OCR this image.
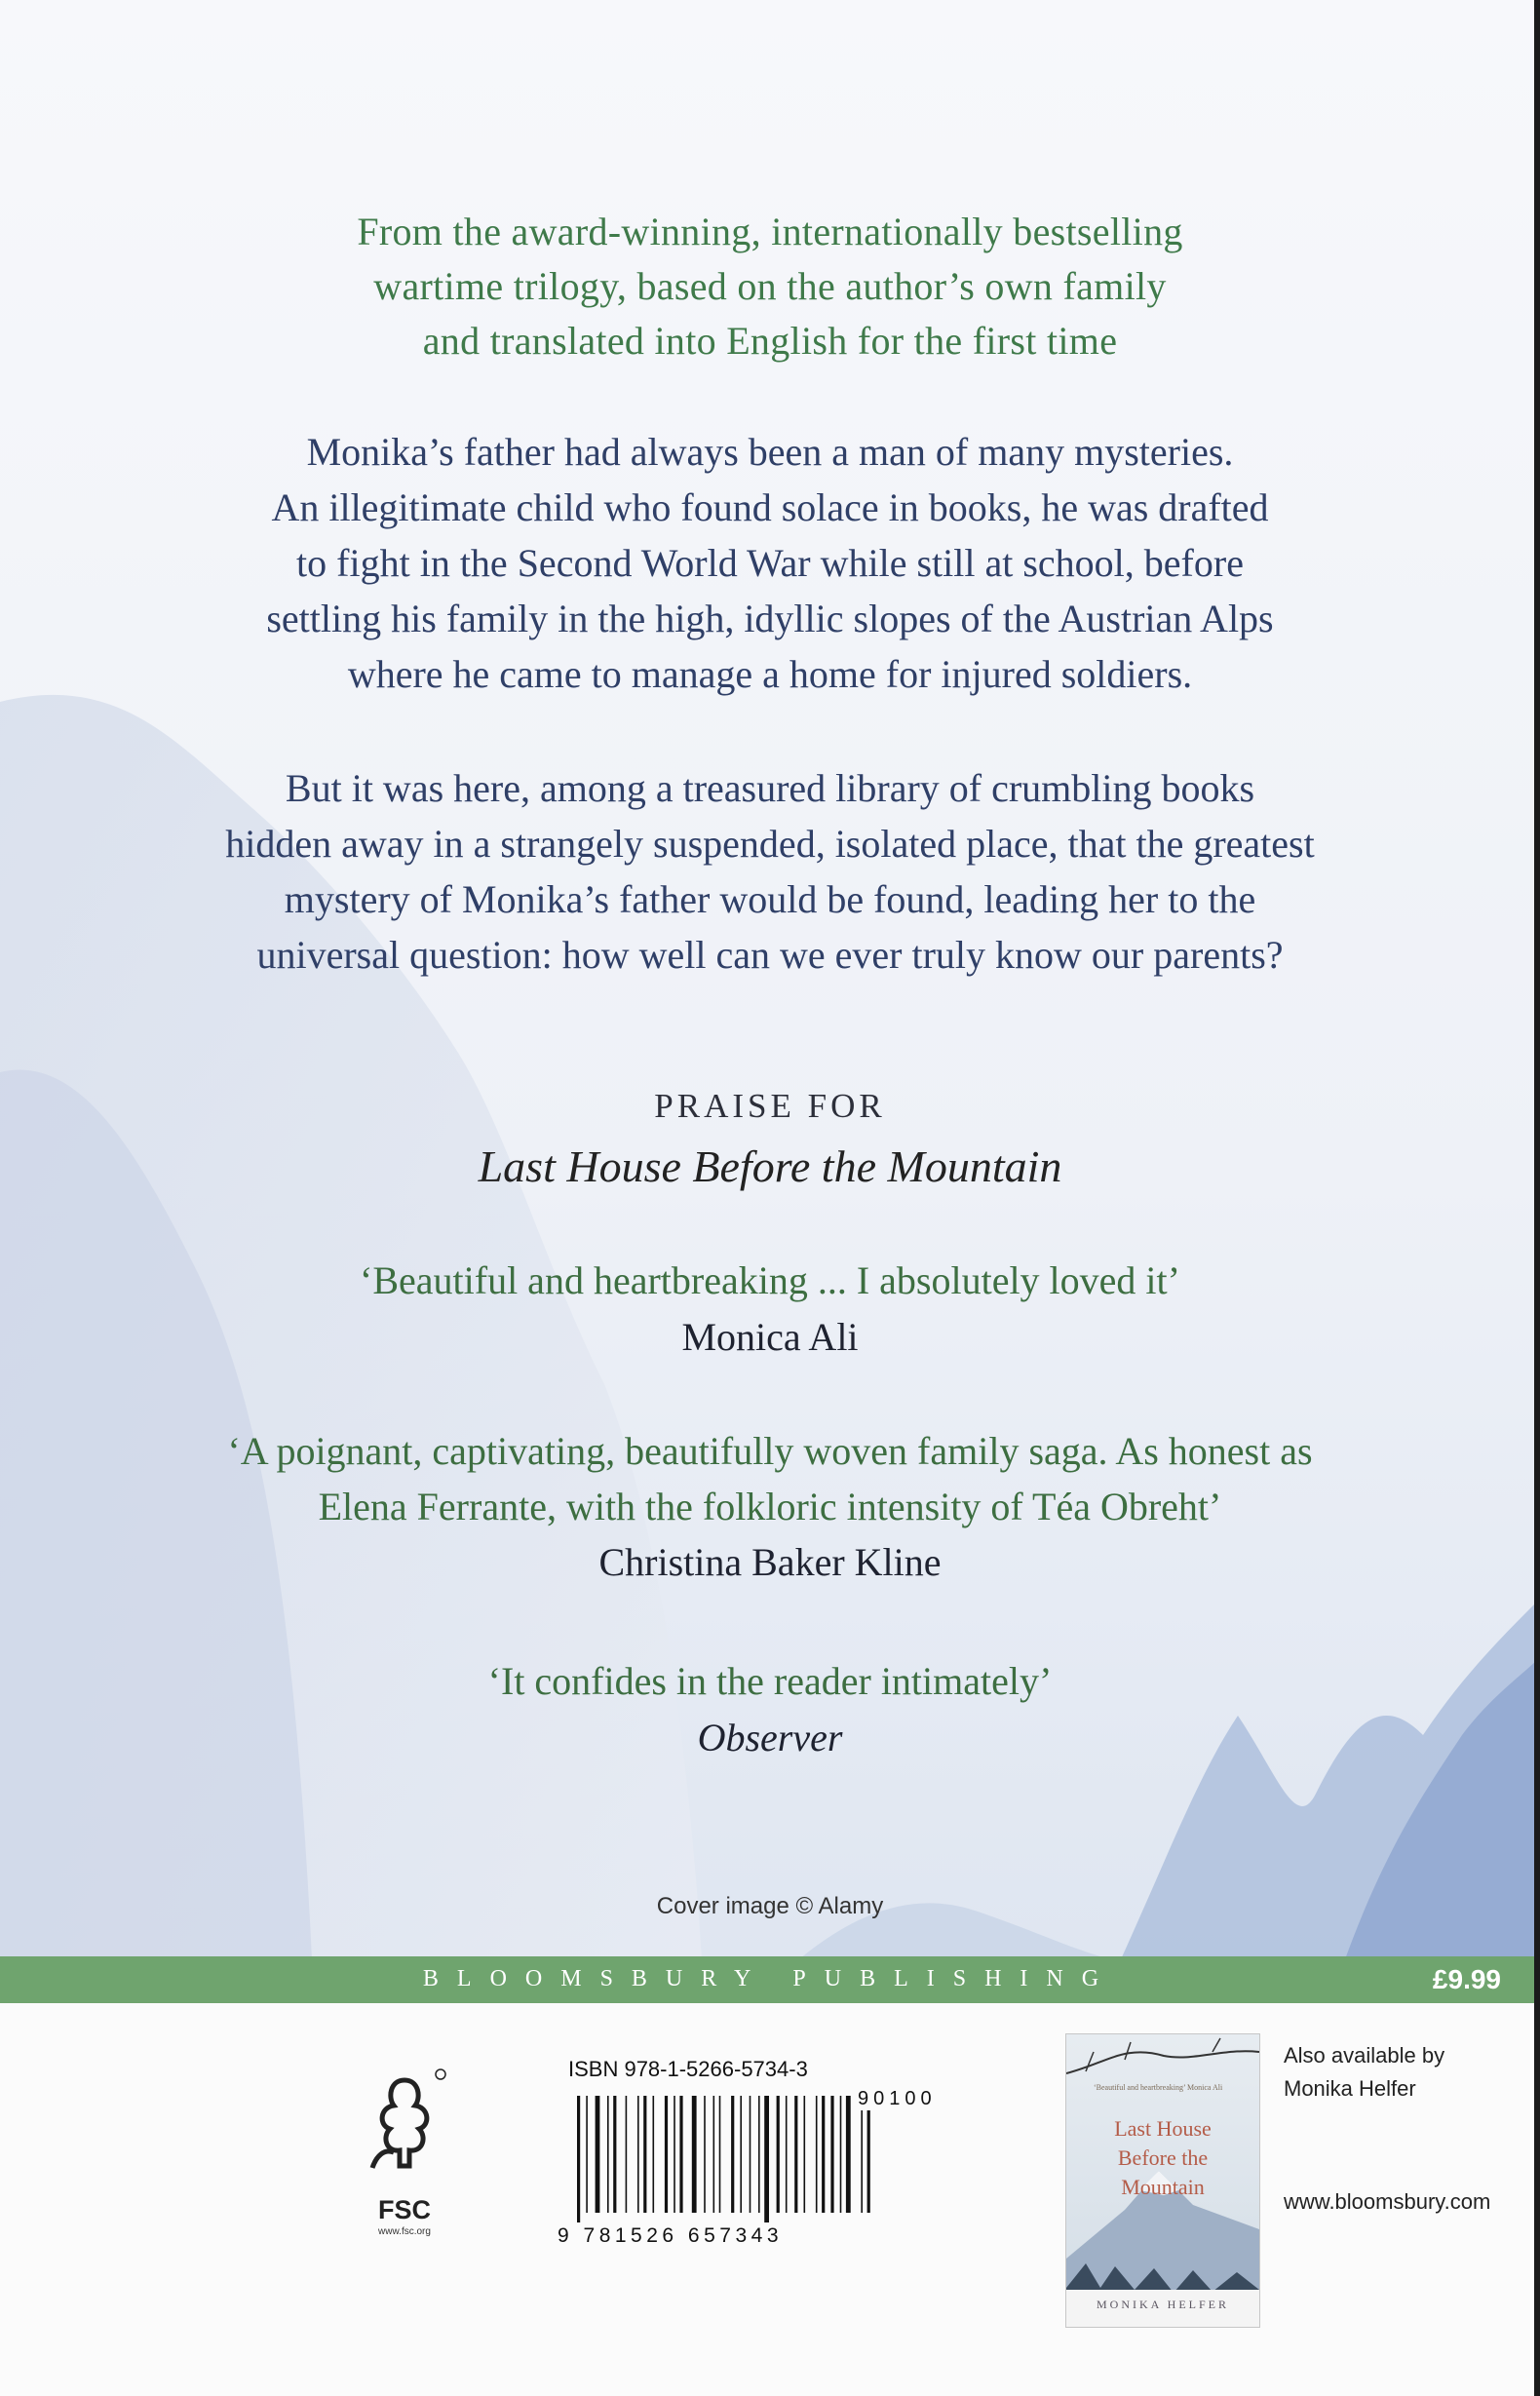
From the award-winning, internationally bestselling
wartime trilogy, based on the author’s own family
and translated into English for the first time
Monika’s father had always been a man of many mysteries.
An illegitimate child who found solace in books, he was drafted
to fight in the Second World War while still at school, before
settling his family in the high, idyllic slopes of the Austrian Alps
where he came to manage a home for injured soldiers.
But it was here, among a treasured library of crumbling books
hidden away in a strangely suspended, isolated place, that the greatest
mystery of Monika’s father would be found, leading her to the
universal question: how well can we ever truly know our parents?
PRAISE FOR
Last House Before the Mountain
‘Beautiful and heartbreaking ... I absolutely loved it’
Monica Ali
‘A poignant, captivating, beautifully woven family saga. As honest as
Elena Ferrante, with the folkloric intensity of Téa Obreht’
Christina Baker Kline
‘It confides in the reader intimately’
Observer
Cover image © Alamy
BLOOMSBURY PUBLISHING	£9.99
FSC
www.fsc.org
ISBN 978-1-5266-5734-3
90100
9 781526 657343
‘Beautiful and heartbreaking’ Monica Ali
Last House
Before the
Mountain
MONIKA HELFER
Also available by
Monika Helfer
www.bloomsbury.com
